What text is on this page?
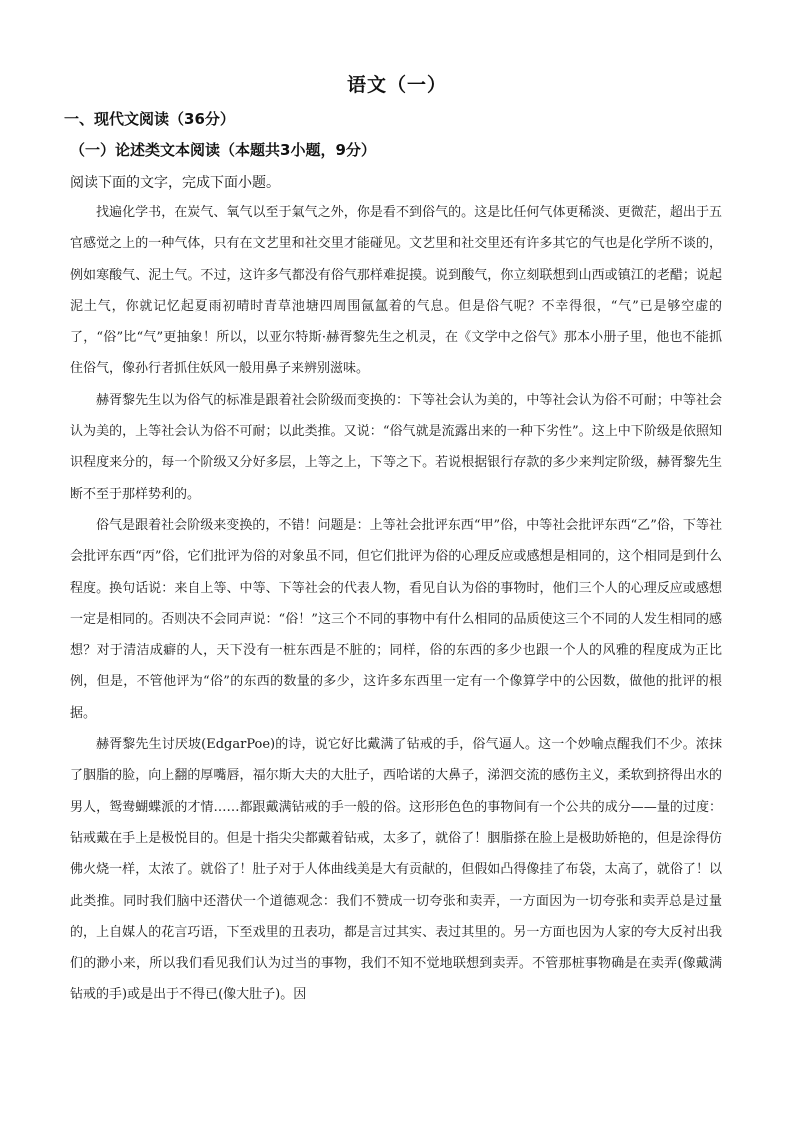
语文（一）
一、现代文阅读（36分）
（一）论述类文本阅读（本题共3小题，9分）
阅读下面的文字，完成下面小题。

找遍化学书，在炭气、氧气以至于氣气之外，你是看不到俗气的。这是比任何气体更稀淡、更微茫，超出于五官感觉之上的一种气体，只有在文艺里和社交里才能碰见。文艺里和社交里还有许多其它的气也是化学所不谈的，例如寒酸气、泥土气。不过，这许多气都没有俗气那样难捉摸。说到酸气，你立刻联想到山西或镇江的老醋；说起泥土气，你就记忆起夏雨初晴时青草池塘四周围氤氲着的气息。但是俗气呢？不幸得很，“气”已是够空虚的了，“俗”比“气”更抽象！所以，以亚尔特斯·赫胥黎先生之机灵，在《文学中之俗气》那本小册子里，他也不能抓住俗气，像孙行者抓住妖风一般用鼻子来辨别滋味。

赫胥黎先生以为俗气的标准是跟着社会阶级而变换的：下等社会认为美的，中等社会认为俗不可耐；中等社会认为美的，上等社会认为俗不可耐；以此类推。又说：“俗气就是流露出来的一种下劣性”。这上中下阶级是依照知识程度来分的，每一个阶级又分好多层，上等之上，下等之下。若说根据银行存款的多少来判定阶级，赫胥黎先生断不至于那样势利的。

俗气是跟着社会阶级来变换的，不错！问题是：上等社会批评东西“甲”俗，中等社会批评东西“乙”俗，下等社会批评东西“丙”俗，它们批评为俗的对象虽不同，但它们批评为俗的心理反应或感想是相同的，这个相同是到什么程度。换句话说：来自上等、中等、下等社会的代表人物，看见自认为俗的事物时，他们三个人的心理反应或感想一定是相同的。否则决不会同声说：“俗！”这三个不同的事物中有什么相同的品质使这三个不同的人发生相同的感想？对于清洁成癖的人，天下没有一桩东西是不脏的；同样，俗的东西的多少也跟一个人的风雅的程度成为正比例，但是，不管他评为“俗”的东西的数量的多少，这许多东西里一定有一个像算学中的公因数，做他的批评的根据。

赫胥黎先生讨厌坡(EdgarPoe)的诗，说它好比戴满了钻戒的手，俗气逼人。这一个妙喻点醒我们不少。浓抹了胭脂的脸，向上翻的厚嘴唇，福尔斯大夫的大肚子，西哈诺的大鼻子，涕泗交流的感伤主义，柔软到挤得出水的男人，鸳鸯蝴蝶派的才情……都跟戴满钻戒的手一般的俗。这形形色色的事物间有一个公共的成分——量的过度：钻戒戴在手上是极悦目的。但是十指尖尖都戴着钻戒，太多了，就俗了！胭脂搽在脸上是极助娇艳的，但是涂得仿佛火烧一样，太浓了。就俗了！肚子对于人体曲线美是大有贡献的，但假如凸得像挂了布袋，太高了，就俗了！以此类推。同时我们脑中还潜伏一个道德观念：我们不赞成一切夸张和卖弄，一方面因为一切夸张和卖弄总是过量的，上自媒人的花言巧语，下至戏里的丑表功，都是言过其实、表过其里的。另一方面也因为人家的夸大反衬出我们的渺小来，所以我们看见我们认为过当的事物，我们不知不觉地联想到卖弄。不管那桩事物确是在卖弄(像戴满钻戒的手)或是出于不得已(像大肚子)。因
